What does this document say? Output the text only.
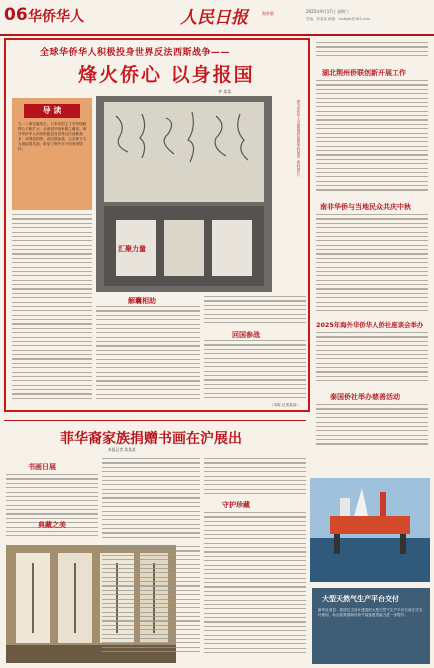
06 华侨华人	人民日报	海外版	2025年9月17日 星期三
责编：张某某 邮箱：hwbjgh@163.com
全球华侨华人积极投身世界反法西斯战争——
烽火侨心 以身报国
齐 某某
导 读
九一八事变爆发后，日本军国主义对华侵略野心不断扩大，全面侵华战争随之爆发。海外华侨华人纷纷积极投身世界反法西斯战争，或捐款捐物、或回国参战，以各种方式支援祖国抗战，彰显了海外赤子的家国情怀。	图为华侨华人支援祖国抗战的史料展览（资料图片）
解囊相助
汇聚力量
回国参战
（本报 记者某某）
湖北荆州侨联创新开展工作
南非华侨与当地民众共庆中秋
2025年海外华侨华人侨社座谈会举办
泰国侨社举办慈善活动
菲华裔家族捐赠书画在沪展出
本报记者 某某某
书画日展
典藏之美
守护珍藏
大型天然气生产平台交付
新华社消息：我国自主设计建造的大型天然气生产平台日前正式交付使用，标志着我国海洋油气装备建造能力进一步提升。
